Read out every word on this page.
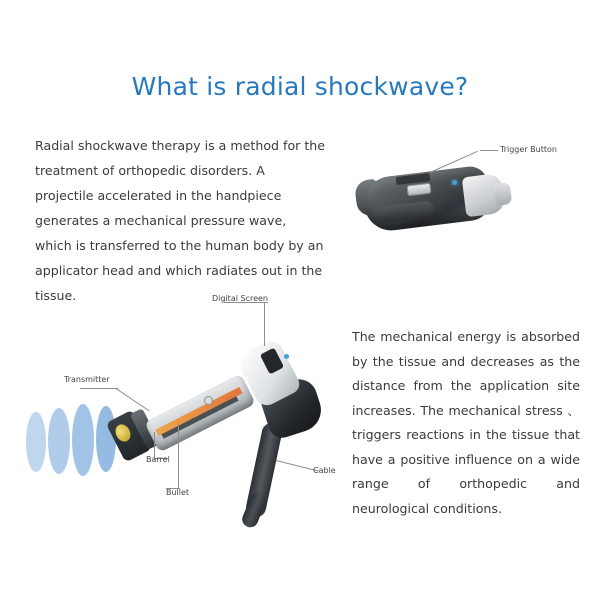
What is radial shockwave?
Radial shockwave therapy is a method for the treatment of orthopedic disorders. A projectile accelerated in the handpiece generates a mechanical pressure wave, which is transferred to the human body by an applicator head and which radiates out in the tissue.
The mechanical energy is absorbed by the tissue and decreases as the distance from the application site increases. The mechanical stress 、triggers reactions in the tissue that have a positive influence on a wide range of orthopedic and neurological conditions.
Trigger Button
Digital Screen
Transmitter
Barrel
Bullet
Cable
